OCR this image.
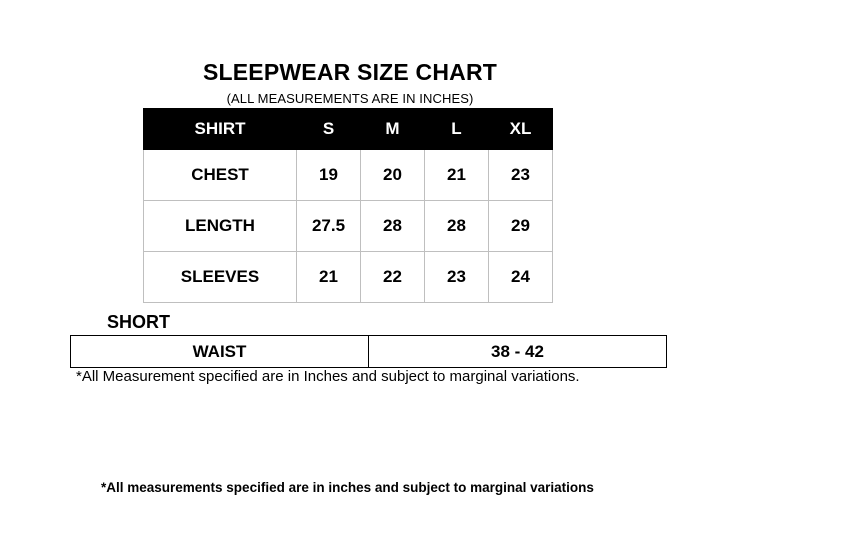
SLEEPWEAR SIZE CHART
(ALL MEASUREMENTS ARE IN INCHES)
SHIRT	S	M	L	XL
CHEST	19	20	21	23
LENGTH	27.5	28	28	29
SLEEVES	21	22	23	24
SHORT
WAIST	38 - 42
*All Measurement specified are in Inches and subject to marginal variations.
*All measurements specified are in inches and subject to marginal variations
